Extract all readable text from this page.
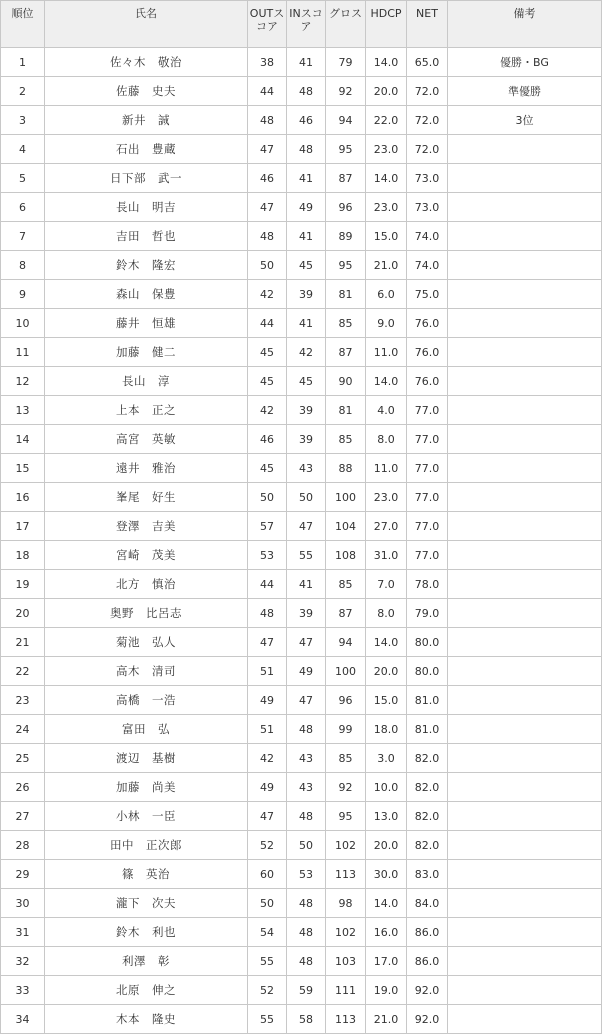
順位	氏名	OUTスコア	INスコア	グロス	HDCP	NET	備考
1	佐々木　敬治	38	41	79	14.0	65.0	優勝・BG
2	佐藤　史夫	44	48	92	20.0	72.0	準優勝
3	新井　誠	48	46	94	22.0	72.0	3位
4	石出　豊蔵	47	48	95	23.0	72.0	
5	日下部　武一	46	41	87	14.0	73.0	
6	長山　明吉	47	49	96	23.0	73.0	
7	吉田　哲也	48	41	89	15.0	74.0	
8	鈴木　隆宏	50	45	95	21.0	74.0	
9	森山　保豊	42	39	81	6.0	75.0	
10	藤井　恒雄	44	41	85	9.0	76.0	
11	加藤　健二	45	42	87	11.0	76.0	
12	長山　淳	45	45	90	14.0	76.0	
13	上本　正之	42	39	81	4.0	77.0	
14	高宮　英敏	46	39	85	8.0	77.0	
15	遠井　雅治	45	43	88	11.0	77.0	
16	峯尾　好生	50	50	100	23.0	77.0	
17	登澤　吉美	57	47	104	27.0	77.0	
18	宮崎　茂美	53	55	108	31.0	77.0	
19	北方　慎治	44	41	85	7.0	78.0	
20	奥野　比呂志	48	39	87	8.0	79.0	
21	菊池　弘人	47	47	94	14.0	80.0	
22	高木　清司	51	49	100	20.0	80.0	
23	高橋　一浩	49	47	96	15.0	81.0	
24	富田　弘	51	48	99	18.0	81.0	
25	渡辺　基樹	42	43	85	3.0	82.0	
26	加藤　尚美	49	43	92	10.0	82.0	
27	小林　一臣	47	48	95	13.0	82.0	
28	田中　正次郎	52	50	102	20.0	82.0	
29	篠　英治	60	53	113	30.0	83.0	
30	瀧下　次夫	50	48	98	14.0	84.0	
31	鈴木　利也	54	48	102	16.0	86.0	
32	利澤　彰	55	48	103	17.0	86.0	
33	北原　伸之	52	59	111	19.0	92.0	
34	木本　隆史	55	58	113	21.0	92.0	
